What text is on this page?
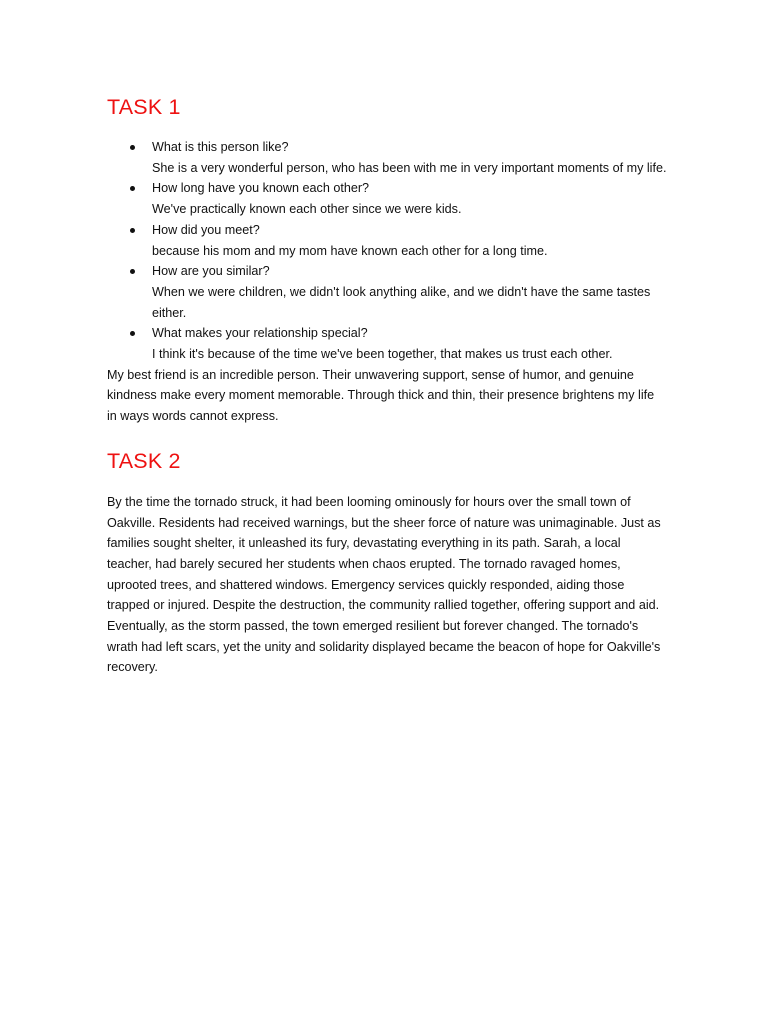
TASK 1
What is this person like?
She is a very wonderful person, who has been with me in very important moments of my life.
How long have you known each other?
We've practically known each other since we were kids.
How did you meet?
because his mom and my mom have known each other for a long time.
How are you similar?
When we were children, we didn't look anything alike, and we didn't have the same tastes either.
What makes your relationship special?
I think it's because of the time we've been together, that makes us trust each other.

My best friend is an incredible person. Their unwavering support, sense of humor, and genuine kindness make every moment memorable. Through thick and thin, their presence brightens my life in ways words cannot express.

TASK 2

By the time the tornado struck, it had been looming ominously for hours over the small town of Oakville. Residents had received warnings, but the sheer force of nature was unimaginable. Just as families sought shelter, it unleashed its fury, devastating everything in its path. Sarah, a local teacher, had barely secured her students when chaos erupted. The tornado ravaged homes, uprooted trees, and shattered windows. Emergency services quickly responded, aiding those trapped or injured. Despite the destruction, the community rallied together, offering support and aid. Eventually, as the storm passed, the town emerged resilient but forever changed. The tornado's wrath had left scars, yet the unity and solidarity displayed became the beacon of hope for Oakville's recovery.
